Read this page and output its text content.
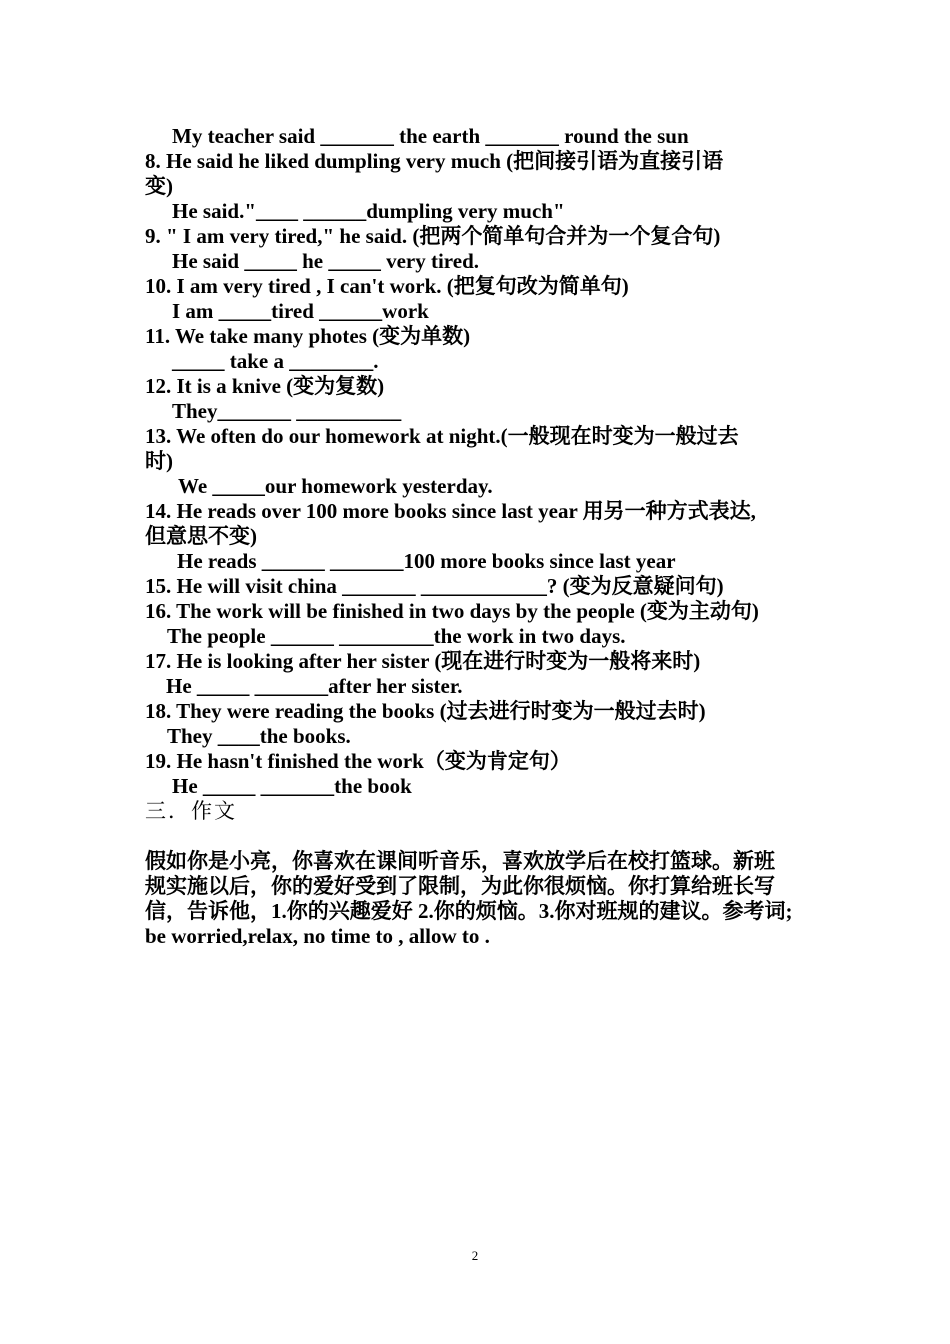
My teacher said _______ the earth _______ round the sun
8. He said he liked dumpling very much (把间接引语为直接引语
变)
He said."____ ______dumpling very much"
9. " I am very tired," he said. (把两个简单句合并为一个复合句)
He said _____ he _____ very tired.
10. I am very tired , I can't work. (把复句改为简单句)
I am _____tired ______work
11. We take many photes (变为单数)
_____ take a ________.
12. It is a knive (变为复数)
They_______ __________
13. We often do our homework at night.(一般现在时变为一般过去
时)
We _____our homework yesterday.
14. He reads over 100 more books since last year 用另一种方式表达,
但意思不变)
He reads ______ _______100 more books since last year
15. He will visit china _______ ____________? (变为反意疑问句)
16. The work will be finished in two days by the people (变为主动句)
The people ______ _________the work in two days.
17. He is looking after her sister (现在进行时变为一般将来时)
He _____ _______after her sister.
18. They were reading the books (过去进行时变为一般过去时)
They ____the books.
19. He hasn't finished the work（变为肯定句）
He _____ _______the book
三．作文
假如你是小亮，你喜欢在课间听音乐，喜欢放学后在校打篮球。新班
规实施以后，你的爱好受到了限制，为此你很烦恼。你打算给班长写
信，告诉他，1.你的兴趣爱好 2.你的烦恼。3.你对班规的建议。参考词;
be worried,relax, no time to , allow to .
2
